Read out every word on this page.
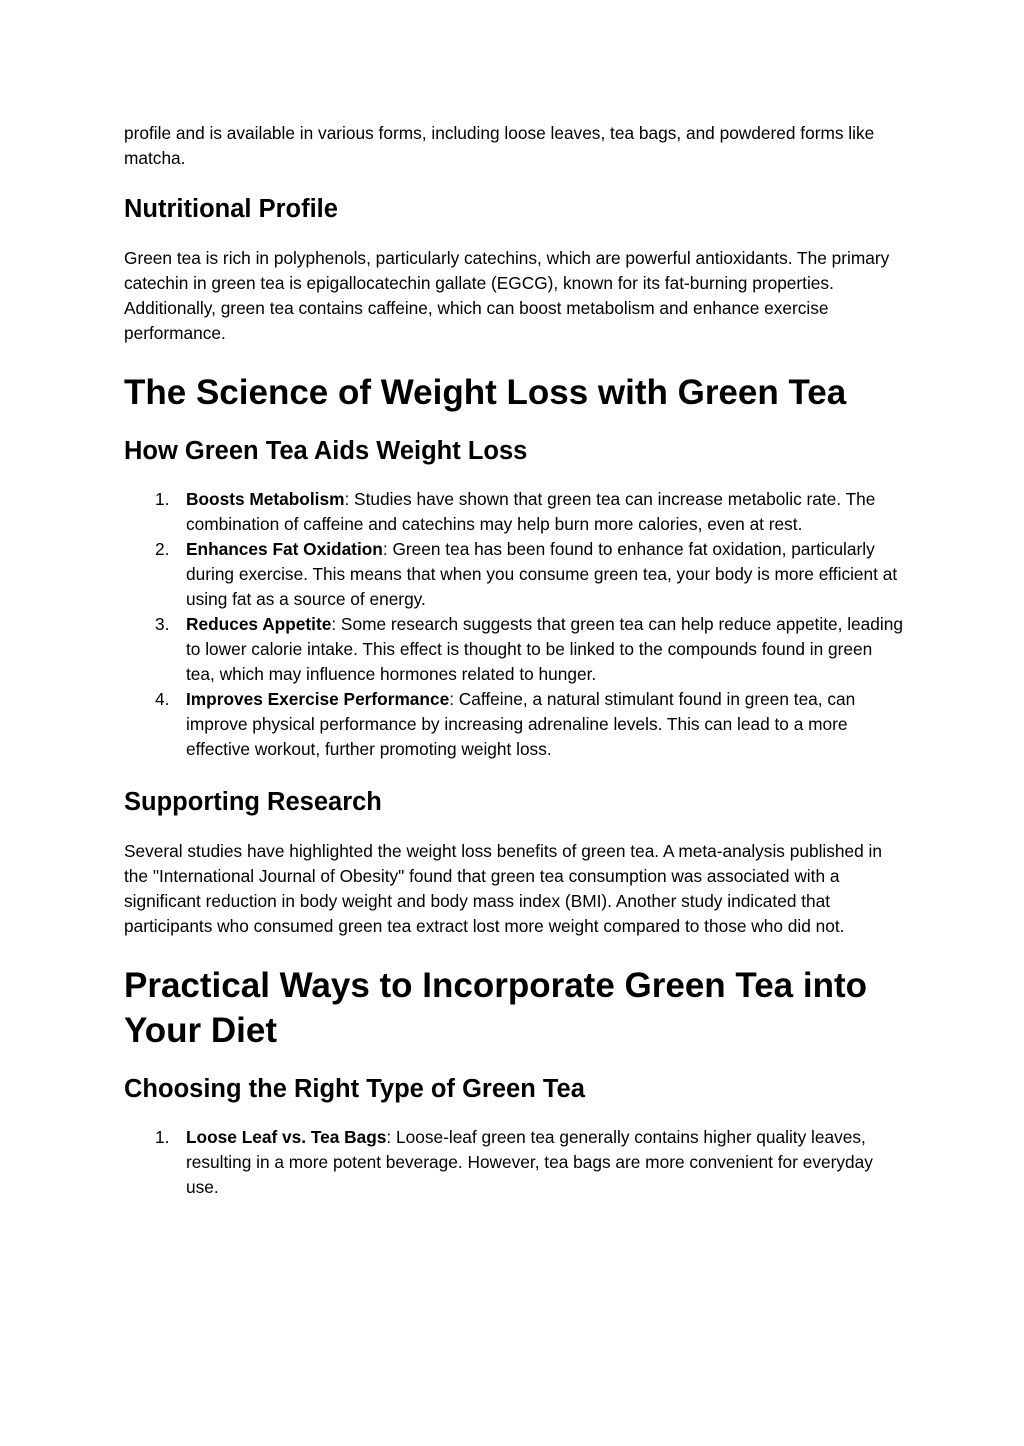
profile and is available in various forms, including loose leaves, tea bags, and powdered forms like matcha.

Nutritional Profile

Green tea is rich in polyphenols, particularly catechins, which are powerful antioxidants. The primary catechin in green tea is epigallocatechin gallate (EGCG), known for its fat-burning properties. Additionally, green tea contains caffeine, which can boost metabolism and enhance exercise performance.

The Science of Weight Loss with Green Tea
How Green Tea Aids Weight Loss
1. Boosts Metabolism: Studies have shown that green tea can increase metabolic rate. The combination of caffeine and catechins may help burn more calories, even at rest.
2. Enhances Fat Oxidation: Green tea has been found to enhance fat oxidation, particularly during exercise. This means that when you consume green tea, your body is more efficient at using fat as a source of energy.
3. Reduces Appetite: Some research suggests that green tea can help reduce appetite, leading to lower calorie intake. This effect is thought to be linked to the compounds found in green tea, which may influence hormones related to hunger.
4. Improves Exercise Performance: Caffeine, a natural stimulant found in green tea, can improve physical performance by increasing adrenaline levels. This can lead to a more effective workout, further promoting weight loss.
Supporting Research

Several studies have highlighted the weight loss benefits of green tea. A meta-analysis published in the "International Journal of Obesity" found that green tea consumption was associated with a significant reduction in body weight and body mass index (BMI). Another study indicated that participants who consumed green tea extract lost more weight compared to those who did not.

Practical Ways to Incorporate Green Tea into Your Diet
Choosing the Right Type of Green Tea
1. Loose Leaf vs. Tea Bags: Loose-leaf green tea generally contains higher quality leaves, resulting in a more potent beverage. However, tea bags are more convenient for everyday use.
